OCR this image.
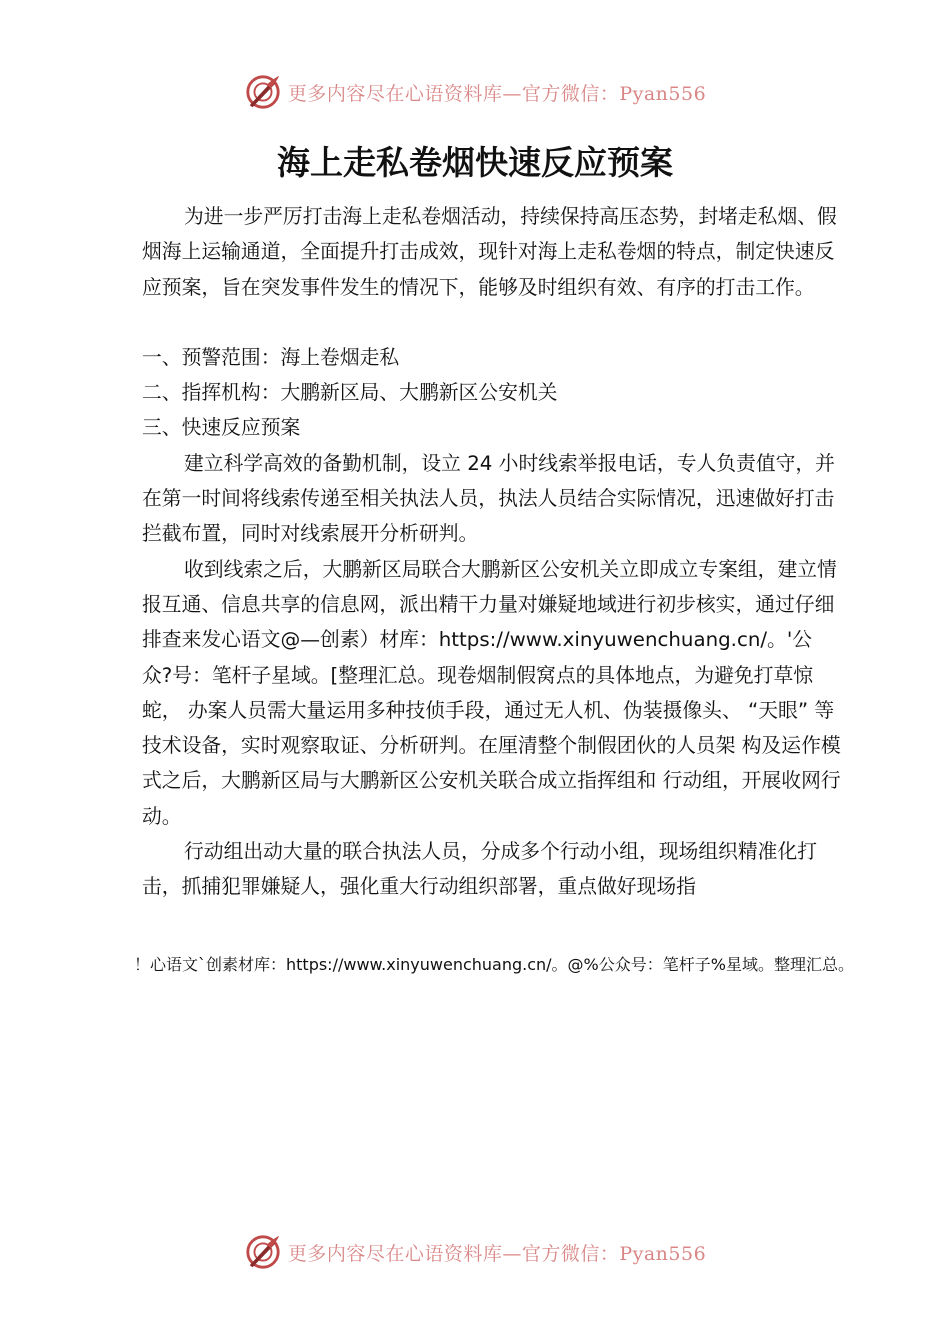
更多内容尽在心语资料库—官方微信：Pyan556
海上走私卷烟快速反应预案

为进一步严厉打击海上走私卷烟活动，持续保持高压态势，封堵走私烟、假烟海上运输通道，全面提升打击成效，现针对海上走私卷烟的特点，制定快速反应预案，旨在突发事件发生的情况下，能够及时组织有效、有序的打击工作。

一、预警范围：海上卷烟走私

二、指挥机构：大鹏新区局、大鹏新区公安机关

三、快速反应预案

建立科学高效的备勤机制，设立 24 小时线索举报电话，专人负责值守，并在第一时间将线索传递至相关执法人员，执法人员结合实际情况，迅速做好打击拦截布置，同时对线索展开分析研判。

收到线索之后，大鹏新区局联合大鹏新区公安机关立即成立专案组，建立情报互通、信息共享的信息网，派出精干力量对嫌疑地域进行初步核实，通过仔细排查来发心语文@—创素）材库：https://www.xinyuwenchuang.cn/。'公众?号：笔杆子星域。[整理汇总。现卷烟制假窝点的具体地点，为避免打草惊蛇， 办案人员需大量运用多种技侦手段，通过无人机、伪装摄像头、 “天眼” 等技术设备，实时观察取证、分析研判。在厘清整个制假团伙的人员架 构及运作模式之后，大鹏新区局与大鹏新区公安机关联合成立指挥组和 行动组，开展收网行动。

行动组出动大量的联合执法人员，分成多个行动小组，现场组织精准化打击，抓捕犯罪嫌疑人，强化重大行动组织部署，重点做好现场指

！心语文`创素材库：https://www.xinyuwenchuang.cn/。@%公众号：笔杆子%星域。整理汇总。
更多内容尽在心语资料库—官方微信：Pyan556
